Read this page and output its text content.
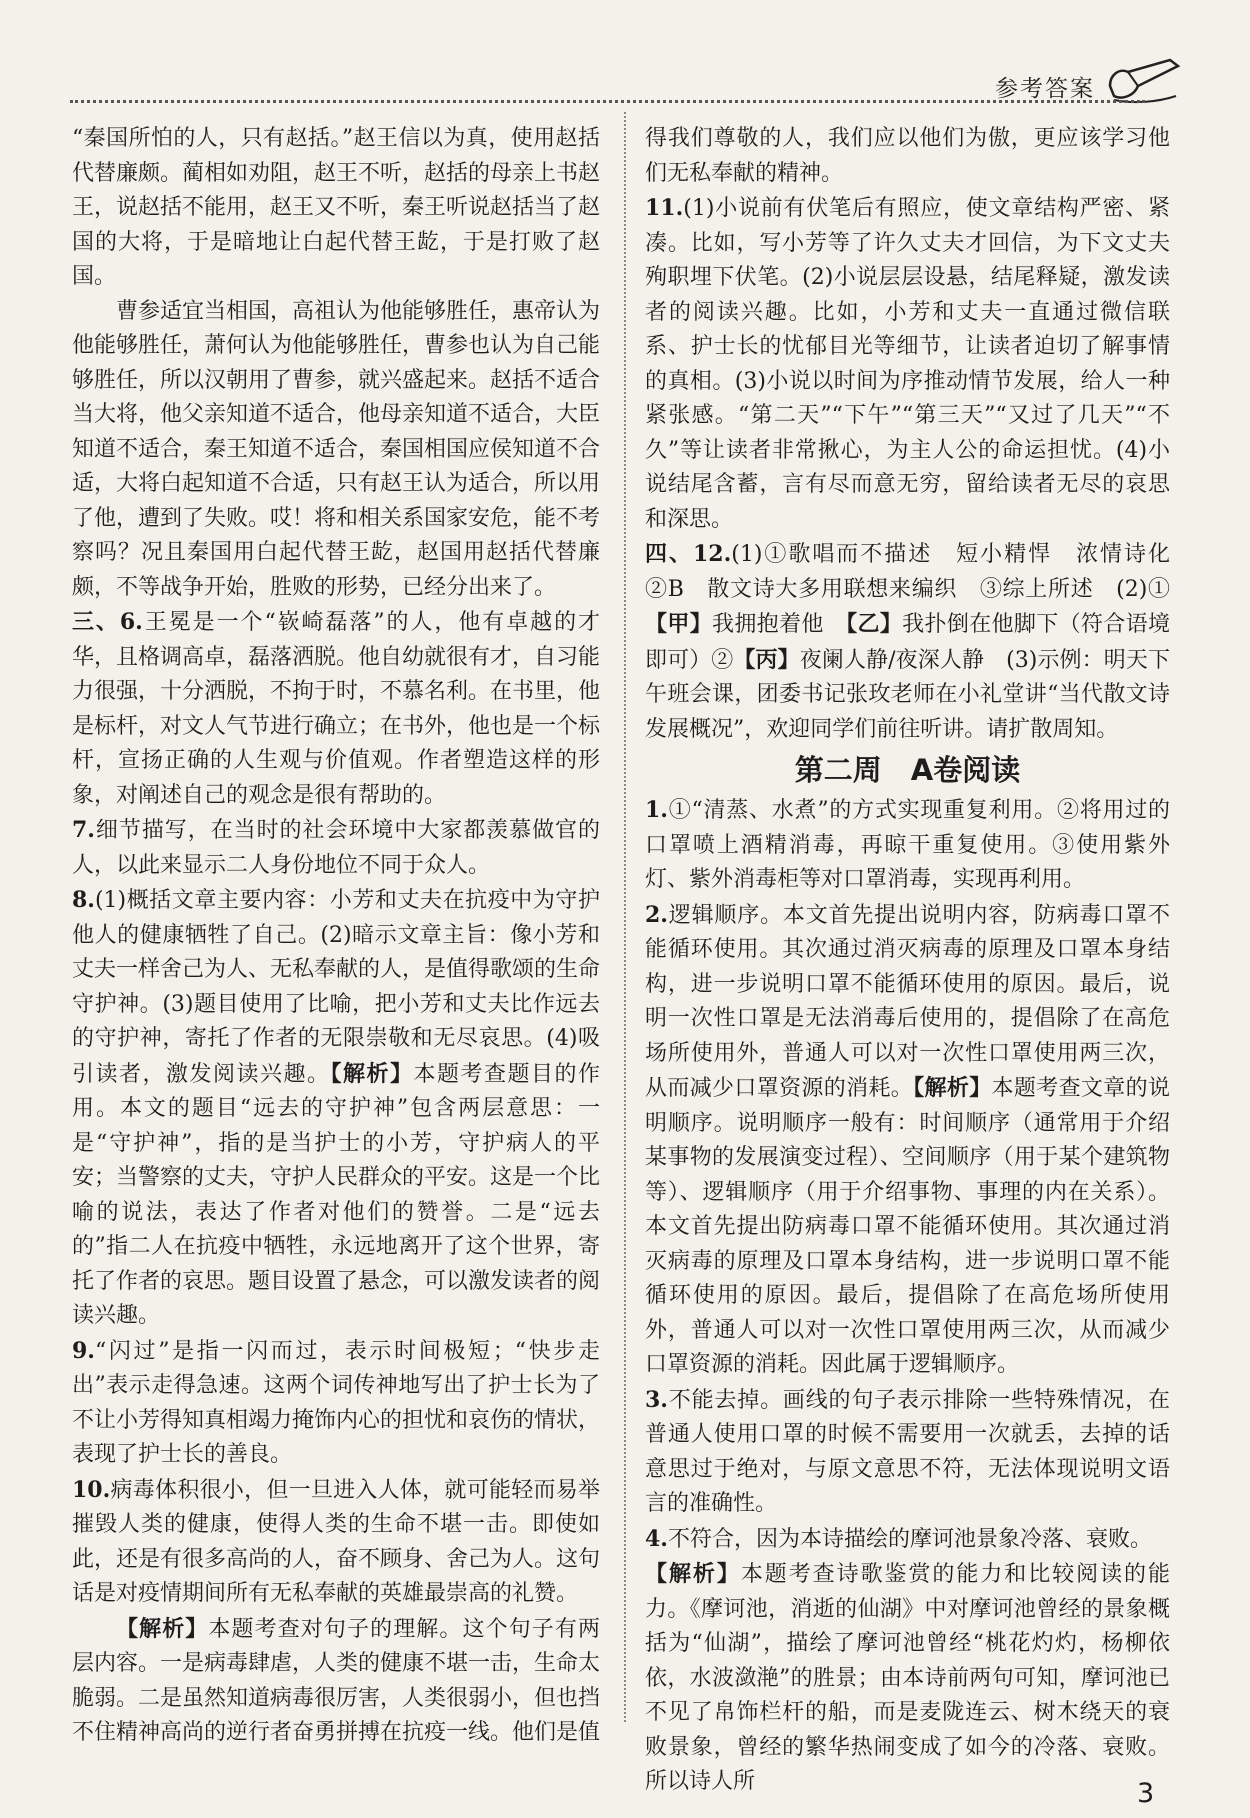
参考答案

“秦国所怕的人，只有赵括。”赵王信以为真，使用赵括代替廉颇。蔺相如劝阻，赵王不听，赵括的母亲上书赵王，说赵括不能用，赵王又不听，秦王听说赵括当了赵国的大将，于是暗地让白起代替王龁，于是打败了赵国。

曹参适宜当相国，高祖认为他能够胜任，惠帝认为他能够胜任，萧何认为他能够胜任，曹参也认为自己能够胜任，所以汉朝用了曹参，就兴盛起来。赵括不适合当大将，他父亲知道不适合，他母亲知道不适合，大臣知道不适合，秦王知道不适合，秦国相国应侯知道不合适，大将白起知道不合适，只有赵王认为适合，所以用了他，遭到了失败。哎！将和相关系国家安危，能不考察吗？况且秦国用白起代替王龁，赵国用赵括代替廉颇，不等战争开始，胜败的形势，已经分出来了。

三、6.王冕是一个“嵚崎磊落”的人，他有卓越的才华，且格调高卓，磊落洒脱。他自幼就很有才，自习能力很强，十分洒脱，不拘于时，不慕名利。在书里，他是标杆，对文人气节进行确立；在书外，他也是一个标杆，宣扬正确的人生观与价值观。作者塑造这样的形象，对阐述自己的观念是很有帮助的。

7.细节描写，在当时的社会环境中大家都羡慕做官的人，以此来显示二人身份地位不同于众人。

8.(1)概括文章主要内容：小芳和丈夫在抗疫中为守护他人的健康牺牲了自己。(2)暗示文章主旨：像小芳和丈夫一样舍己为人、无私奉献的人，是值得歌颂的生命守护神。(3)题目使用了比喻，把小芳和丈夫比作远去的守护神，寄托了作者的无限崇敬和无尽哀思。(4)吸引读者，激发阅读兴趣。【解析】本题考查题目的作用。本文的题目“远去的守护神”包含两层意思：一是“守护神”，指的是当护士的小芳，守护病人的平安；当警察的丈夫，守护人民群众的平安。这是一个比喻的说法，表达了作者对他们的赞誉。二是“远去的”指二人在抗疫中牺牲，永远地离开了这个世界，寄托了作者的哀思。题目设置了悬念，可以激发读者的阅读兴趣。

9.“闪过”是指一闪而过，表示时间极短；“快步走出”表示走得急速。这两个词传神地写出了护士长为了不让小芳得知真相竭力掩饰内心的担忧和哀伤的情状，表现了护士长的善良。

10.病毒体积很小，但一旦进入人体，就可能轻而易举摧毁人类的健康，使得人类的生命不堪一击。即使如此，还是有很多高尚的人，奋不顾身、舍己为人。这句话是对疫情期间所有无私奉献的英雄最崇高的礼赞。

【解析】本题考查对句子的理解。这个句子有两层内容。一是病毒肆虐，人类的健康不堪一击，生命太脆弱。二是虽然知道病毒很厉害，人类很弱小，但也挡不住精神高尚的逆行者奋勇拼搏在抗疫一线。他们是值

得我们尊敬的人，我们应以他们为傲，更应该学习他们无私奉献的精神。

11.(1)小说前有伏笔后有照应，使文章结构严密、紧凑。比如，写小芳等了许久丈夫才回信，为下文丈夫殉职埋下伏笔。(2)小说层层设悬，结尾释疑，激发读者的阅读兴趣。比如，小芳和丈夫一直通过微信联系、护士长的忧郁目光等细节，让读者迫切了解事情的真相。(3)小说以时间为序推动情节发展，给人一种紧张感。“第二天”“下午”“第三天”“又过了几天”“不久”等让读者非常揪心，为主人公的命运担忧。(4)小说结尾含蓄，言有尽而意无穷，留给读者无尽的哀思和深思。

四、12.(1)①歌唱而不描述　短小精悍　浓情诗化　②B　散文诗大多用联想来编织　③综上所述　(2)①【甲】我拥抱着他　【乙】我扑倒在他脚下（符合语境即可）②【丙】夜阑人静/夜深人静　(3)示例：明天下午班会课，团委书记张玫老师在小礼堂讲“当代散文诗发展概况”，欢迎同学们前往听讲。请扩散周知。

第二周　A卷阅读

1.①“清蒸、水煮”的方式实现重复利用。②将用过的口罩喷上酒精消毒，再晾干重复使用。③使用紫外灯、紫外消毒柜等对口罩消毒，实现再利用。

2.逻辑顺序。本文首先提出说明内容，防病毒口罩不能循环使用。其次通过消灭病毒的原理及口罩本身结构，进一步说明口罩不能循环使用的原因。最后，说明一次性口罩是无法消毒后使用的，提倡除了在高危场所使用外，普通人可以对一次性口罩使用两三次，从而减少口罩资源的消耗。【解析】本题考查文章的说明顺序。说明顺序一般有：时间顺序（通常用于介绍某事物的发展演变过程）、空间顺序（用于某个建筑物等）、逻辑顺序（用于介绍事物、事理的内在关系）。本文首先提出防病毒口罩不能循环使用。其次通过消灭病毒的原理及口罩本身结构，进一步说明口罩不能循环使用的原因。最后，提倡除了在高危场所使用外，普通人可以对一次性口罩使用两三次，从而减少口罩资源的消耗。因此属于逻辑顺序。

3.不能去掉。画线的句子表示排除一些特殊情况，在普通人使用口罩的时候不需要用一次就丢，去掉的话意思过于绝对，与原文意思不符，无法体现说明文语言的准确性。

4.不符合，因为本诗描绘的摩诃池景象冷落、衰败。

【解析】本题考查诗歌鉴赏的能力和比较阅读的能力。《摩诃池，消逝的仙湖》中对摩诃池曾经的景象概括为“仙湖”，描绘了摩诃池曾经“桃花灼灼，杨柳依依，水波潋滟”的胜景；由本诗前两句可知，摩诃池已不见了帛饰栏杆的船，而是麦陇连云、树木绕天的衰败景象，曾经的繁华热闹变成了如今的冷落、衰败。所以诗人所	3
